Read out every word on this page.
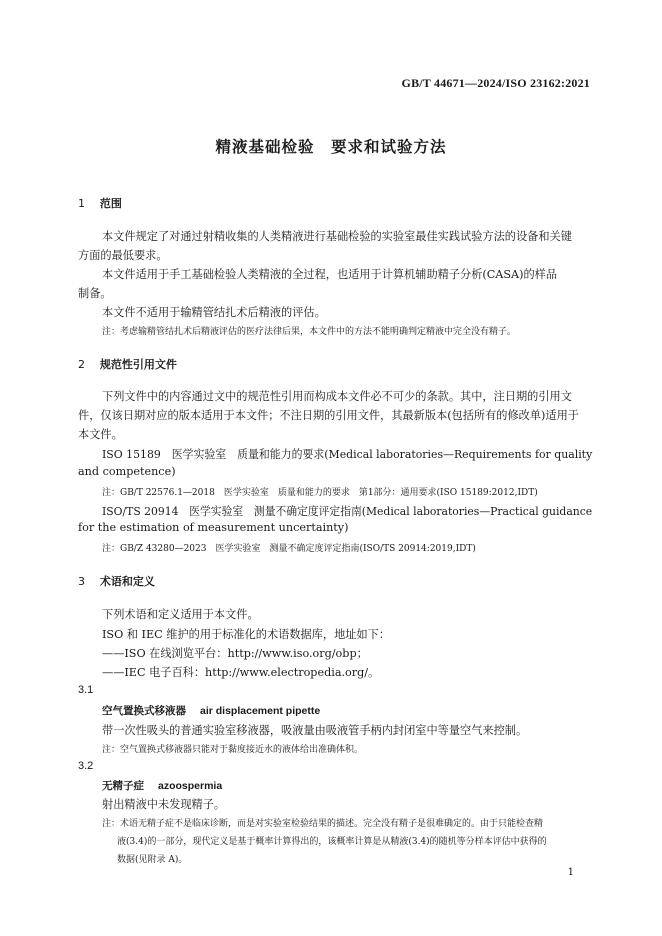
GB/T 44671—2024/ISO 23162:2021
精液基础检验　要求和试验方法
1 范围
本文件规定了对通过射精收集的人类精液进行基础检验的实验室最佳实践试验方法的设备和关键
方面的最低要求。
本文件适用于手工基础检验人类精液的全过程，也适用于计算机辅助精子分析(CASA)的样品
制备。
本文件不适用于输精管结扎术后精液的评估。
注：考虑输精管结扎术后精液评估的医疗法律后果，本文件中的方法不能明确判定精液中完全没有精子。
2 规范性引用文件
下列文件中的内容通过文中的规范性引用而构成本文件必不可少的条款。其中，注日期的引用文
件，仅该日期对应的版本适用于本文件；不注日期的引用文件，其最新版本(包括所有的修改单)适用于
本文件。
ISO 15189　医学实验室　质量和能力的要求(Medical laboratories—Requirements for quality
and competence)
注：GB/T 22576.1—2018　医学实验室　质量和能力的要求　第1部分：通用要求(ISO 15189:2012,IDT)
ISO/TS 20914　医学实验室　测量不确定度评定指南(Medical laboratories—Practical guidance
for the estimation of measurement uncertainty)
注：GB/Z 43280—2023　医学实验室　测量不确定度评定指南(ISO/TS 20914:2019,IDT)
3 术语和定义
下列术语和定义适用于本文件。
ISO 和 IEC 维护的用于标准化的术语数据库，地址如下：
——ISO 在线浏览平台：http://www.iso.org/obp；
——IEC 电子百科：http://www.electropedia.org/。
3.1
空气置换式移液器 air displacement pipette
带一次性吸头的普通实验室移液器，吸液量由吸液管手柄内封闭室中等量空气来控制。
注：空气置换式移液器只能对于黏度接近水的液体给出准确体积。
3.2
无精子症 azoospermia
射出精液中未发现精子。
注：术语无精子症不是临床诊断，而是对实验室检验结果的描述。完全没有精子是很难确定的。由于只能检查精
液(3.4)的一部分，现代定义是基于概率计算得出的，该概率计算是从精液(3.4)的随机等分样本评估中获得的
数据(见附录 A)。
1
